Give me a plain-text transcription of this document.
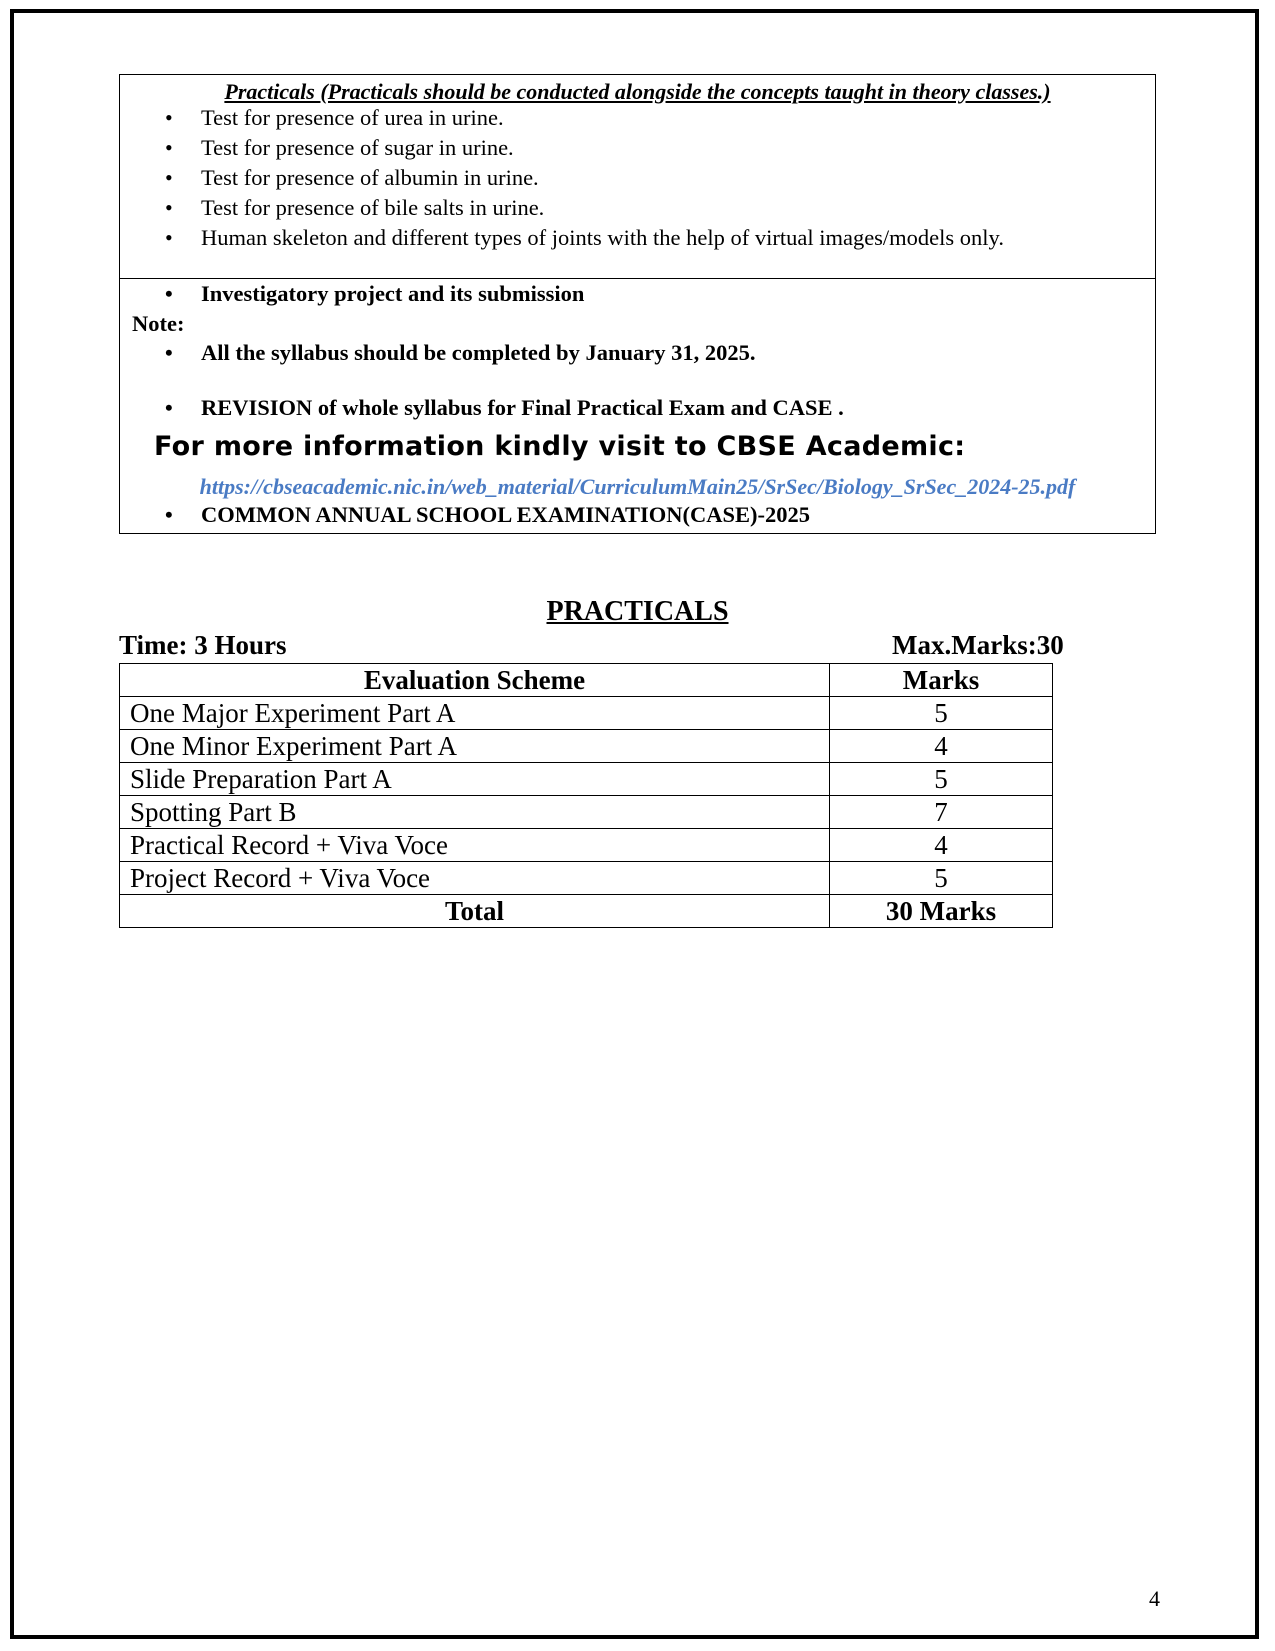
Practicals (Practicals should be conducted alongside the concepts taught in theory classes.)
• Test for presence of urea in urine.
• Test for presence of sugar in urine.
• Test for presence of albumin in urine.
• Test for presence of bile salts in urine.
• Human skeleton and different types of joints with the help of virtual images/models only.
• Investigatory project and its submission
• All the syllabus should be completed by January 31, 2025.
• REVISION of whole syllabus for Final Practical Exam and CASE .
• COMMON ANNUAL SCHOOL EXAMINATION(CASE)-2025
Note:
For more information kindly visit to CBSE Academic:
https://cbseacademic.nic.in/web_material/CurriculumMain25/SrSec/Biology_SrSec_2024-25.pdf
PRACTICALS
Time: 3 Hours	Max.Marks:30
Evaluation Scheme	Marks
One Major Experiment Part A	5
One Minor Experiment Part A	4
Slide Preparation Part A	5
Spotting Part B	7
Practical Record + Viva Voce	4
Project Record + Viva Voce	5
Total	30 Marks
4
